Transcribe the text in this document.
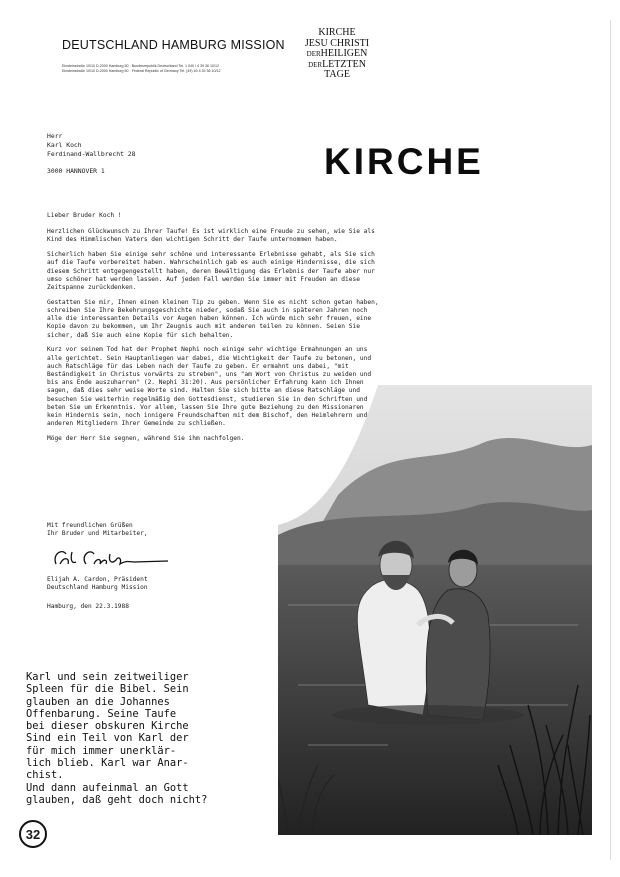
DEUTSCHLAND HAMBURG MISSION
Einsteinstraße 10/10 D-2000 Hamburg 50 · Bundesrepublik Deutschland Tel. 1 040 / 4 39 36 10/12
Einsteinstraße 10/10 D-2000 Hamburg 50 · Federal Republic of Germany Tel. (49) 40 4 39 36 10/12
KIRCHE
JESU CHRISTI
DERHEILIGEN
DERLETZTEN
TAGE
Herr
Karl Koch
Ferdinand-Wallbrecht 28
3000 HANNOVER 1	KIRCHE

Lieber Bruder Koch !

Herzlichen Glückwunsch zu Ihrer Taufe! Es ist wirklich eine Freude zu sehen, wie Sie als Kind des Himmlischen Vaters den wichtigen Schritt der Taufe unternommen haben.

Sicherlich haben Sie einige sehr schöne und interessante Erlebnisse gehabt, als Sie sich auf die Taufe vorbereitet haben. Wahrscheinlich gab es auch einige Hindernisse, die sich diesem Schritt entgegengestellt haben, deren Bewältigung das Erlebnis der Taufe aber nur umso schöner hat werden lassen. Auf jeden Fall werden Sie immer mit Freuden an diese Zeitspanne zurückdenken.

Gestatten Sie mir, Ihnen einen kleinen Tip zu geben. Wenn Sie es nicht schon getan haben, schreiben Sie Ihre Bekehrungsgeschichte nieder, sodaß Sie auch in späteren Jahren noch alle die interessanten Details vor Augen haben können. Ich würde mich sehr freuen, eine Kopie davon zu bekommen, um Ihr Zeugnis auch mit anderen teilen zu können. Seien Sie sicher, daß Sie auch eine Kopie für sich behalten.

Kurz vor seinem Tod hat der Prophet Nephi noch einige sehr wichtige Ermahnungen an uns alle gerichtet. Sein Hauptanliegen war dabei, die Wichtigkeit der Taufe zu betonen, und auch Ratschläge für das Leben nach der Taufe zu geben. Er ermahnt uns dabei, "mit Beständigkeit in Christus vorwärts zu streben", uns "am Wort von Christus zu weiden und bis ans Ende auszuharren" (2. Nephi 31:20). Aus persönlicher Erfahrung kann ich Ihnen sagen, daß dies sehr weise Worte sind. Halten Sie sich bitte an diese Ratschläge und besuchen Sie weiterhin regelmäßig den Gottesdienst, studieren Sie in den Schriften und beten Sie um Erkenntnis. Vor allem, lassen Sie Ihre gute Beziehung zu den Missionaren kein Hindernis sein, noch innigere Freundschaften mit dem Bischof, den Heimlehrern und anderen Mitgliedern Ihrer Gemeinde zu schließen.

Möge der Herr Sie segnen, während Sie ihm nachfolgen.

Mit freundlichen Grüßen
Ihr Bruder und Mitarbeiter,
Elijah A. Cardon, Präsident
Deutschland Hamburg Mission
Hamburg, den 22.3.1988
Karl und sein zeitweiliger
Spleen für die Bibel. Sein
glauben an die Johannes
Offenbarung. Seine Taufe
bei dieser obskuren Kirche
Sind ein Teil von Karl der
für mich immer unerklär-
lich blieb. Karl war Anar-
chist.
Und dann aufeinmal an Gott
glauben, daß geht doch nicht?
32
